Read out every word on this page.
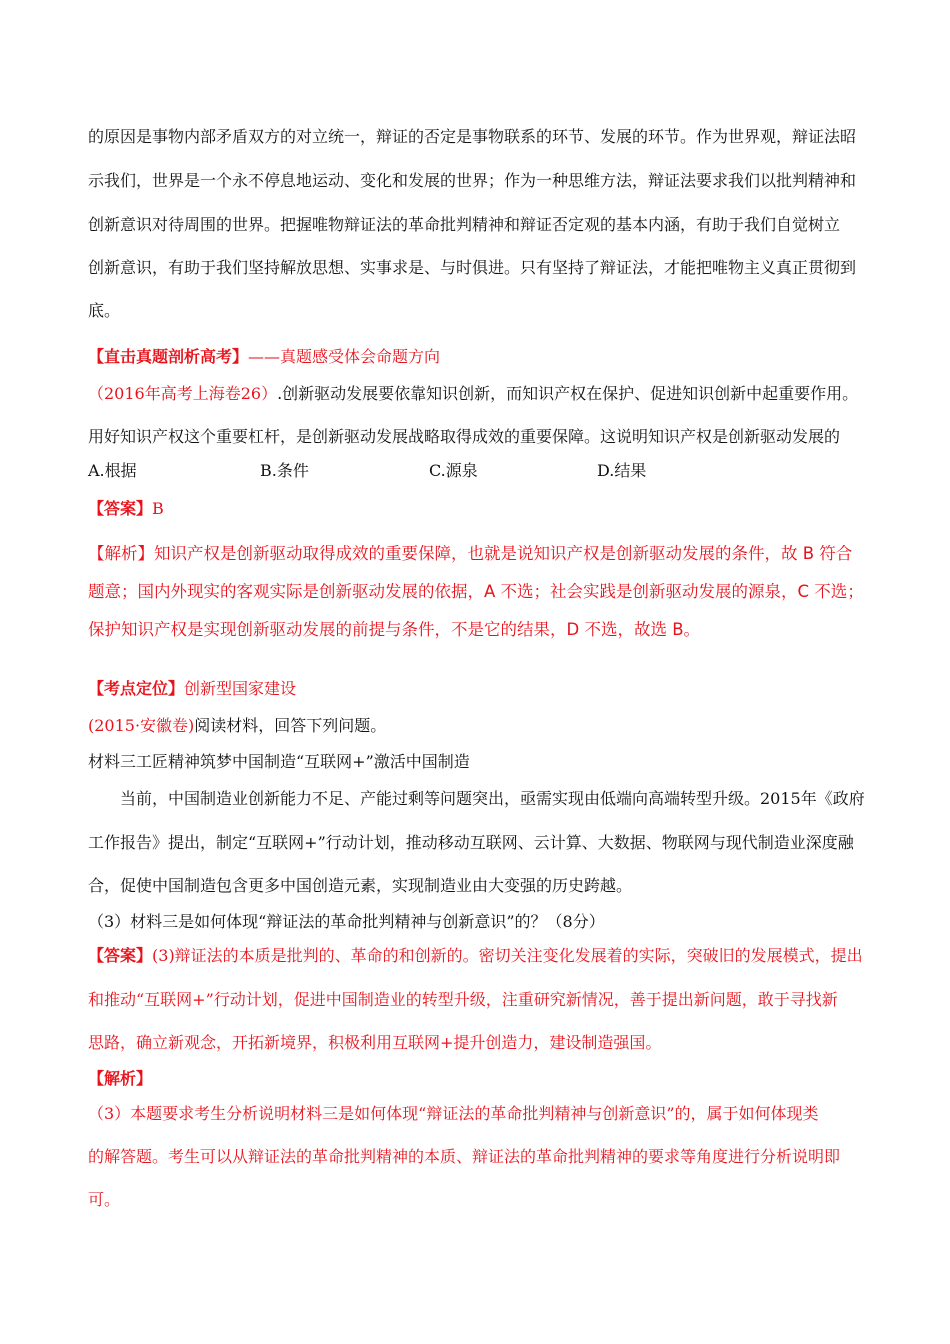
的原因是事物内部矛盾双方的对立统一，辩证的否定是事物联系的环节、发展的环节。作为世界观，辩证法昭
示我们，世界是一个永不停息地运动、变化和发展的世界；作为一种思维方法，辩证法要求我们以批判精神和
创新意识对待周围的世界。把握唯物辩证法的革命批判精神和辩证否定观的基本内涵，有助于我们自觉树立
创新意识，有助于我们坚持解放思想、实事求是、与时俱进。只有坚持了辩证法，才能把唯物主义真正贯彻到
底。
【直击真题剖析高考】——真题感受体会命题方向
（2016年高考上海卷26）.创新驱动发展要依靠知识创新，而知识产权在保护、促进知识创新中起重要作用。
用好知识产权这个重要杠杆，是创新驱动发展战略取得成效的重要保障。这说明知识产权是创新驱动发展的
A.根据	B.条件	C.源泉	D.结果
【答案】B
【解析】知识产权是创新驱动取得成效的重要保障，也就是说知识产权是创新驱动发展的条件，故 B 符合
题意；国内外现实的客观实际是创新驱动发展的依据，A 不选；社会实践是创新驱动发展的源泉，C 不选；
保护知识产权是实现创新驱动发展的前提与条件，不是它的结果，D 不选，故选 B。
【考点定位】创新型国家建设
(2015·安徽卷)阅读材料，回答下列问题。
材料三工匠精神筑梦中国制造“互联网+”激活中国制造
当前，中国制造业创新能力不足、产能过剩等问题突出，亟需实现由低端向高端转型升级。2015年《政府
工作报告》提出，制定“互联网+”行动计划，推动移动互联网、云计算、大数据、物联网与现代制造业深度融
合，促使中国制造包含更多中国创造元素，实现制造业由大变强的历史跨越。
（3）材料三是如何体现“辩证法的革命批判精神与创新意识”的？（8分）
【答案】(3)辩证法的本质是批判的、革命的和创新的。密切关注变化发展着的实际，突破旧的发展模式，提出
和推动“互联网+”行动计划，促进中国制造业的转型升级，注重研究新情况，善于提出新问题，敢于寻找新
思路，确立新观念，开拓新境界，积极利用互联网+提升创造力，建设制造强国。
【解析】
（3）本题要求考生分析说明材料三是如何体现“辩证法的革命批判精神与创新意识”的，属于如何体现类
的解答题。考生可以从辩证法的革命批判精神的本质、辩证法的革命批判精神的要求等角度进行分析说明即
可。
